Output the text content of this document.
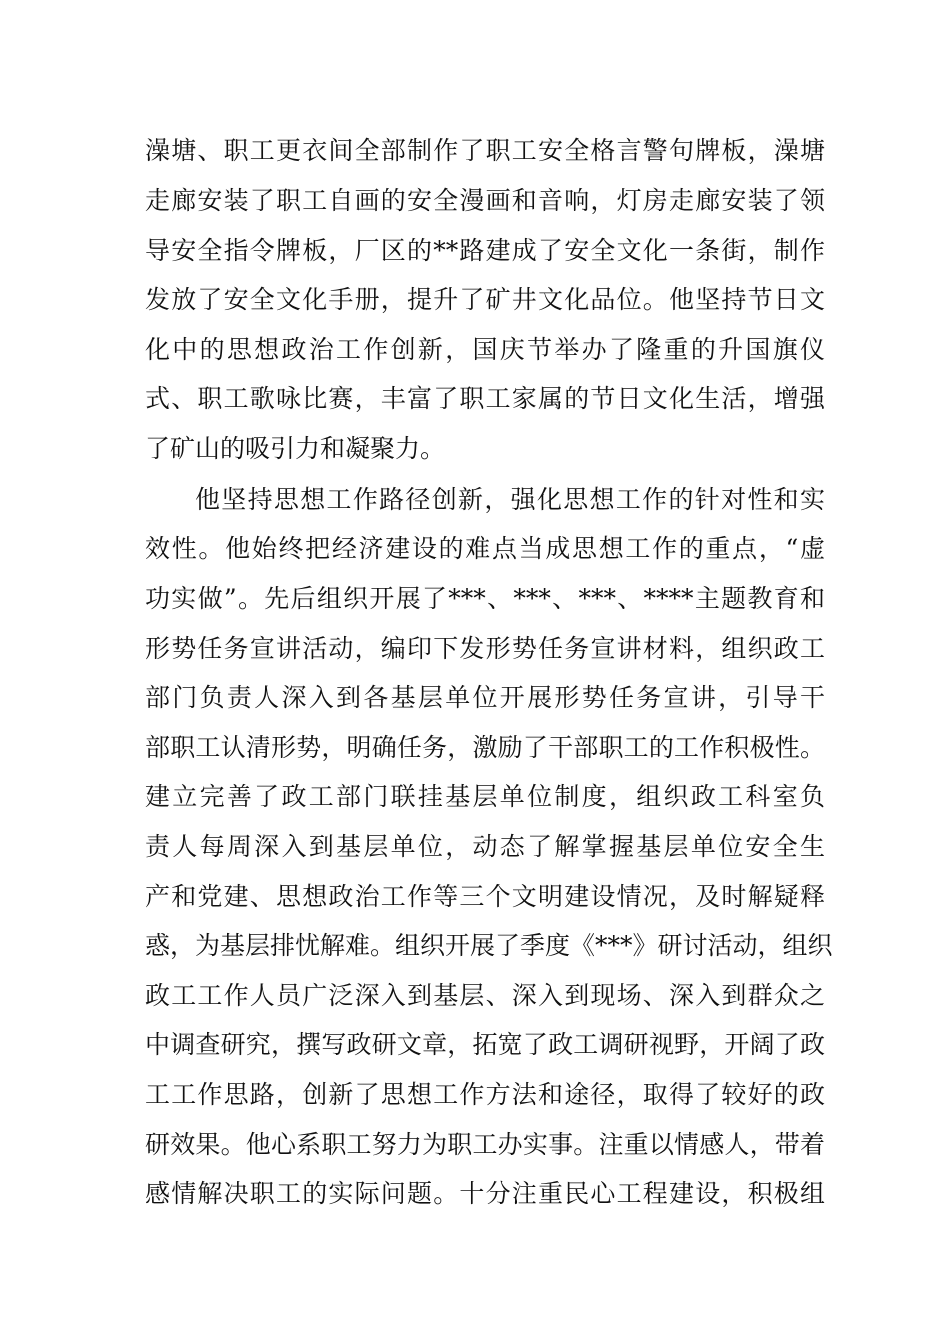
澡塘、职工更衣间全部制作了职工安全格言警句牌板，澡塘
走廊安装了职工自画的安全漫画和音响，灯房走廊安装了领
导安全指令牌板，厂区的**路建成了安全文化一条街，制作
发放了安全文化手册，提升了矿井文化品位。他坚持节日文
化中的思想政治工作创新，国庆节举办了隆重的升国旗仪
式、职工歌咏比赛，丰富了职工家属的节日文化生活，增强
了矿山的吸引力和凝聚力。
他坚持思想工作路径创新，强化思想工作的针对性和实
效性。他始终把经济建设的难点当成思想工作的重点，“虚
功实做”。先后组织开展了***、***、***、****主题教育和
形势任务宣讲活动，编印下发形势任务宣讲材料，组织政工
部门负责人深入到各基层单位开展形势任务宣讲，引导干
部职工认清形势，明确任务，激励了干部职工的工作积极性。
建立完善了政工部门联挂基层单位制度，组织政工科室负
责人每周深入到基层单位，动态了解掌握基层单位安全生
产和党建、思想政治工作等三个文明建设情况，及时解疑释
惑，为基层排忧解难。组织开展了季度《***》研讨活动，组织
政工工作人员广泛深入到基层、深入到现场、深入到群众之
中调查研究，撰写政研文章，拓宽了政工调研视野，开阔了政
工工作思路，创新了思想工作方法和途径，取得了较好的政
研效果。他心系职工努力为职工办实事。注重以情感人，带着
感情解决职工的实际问题。十分注重民心工程建设，积极组
